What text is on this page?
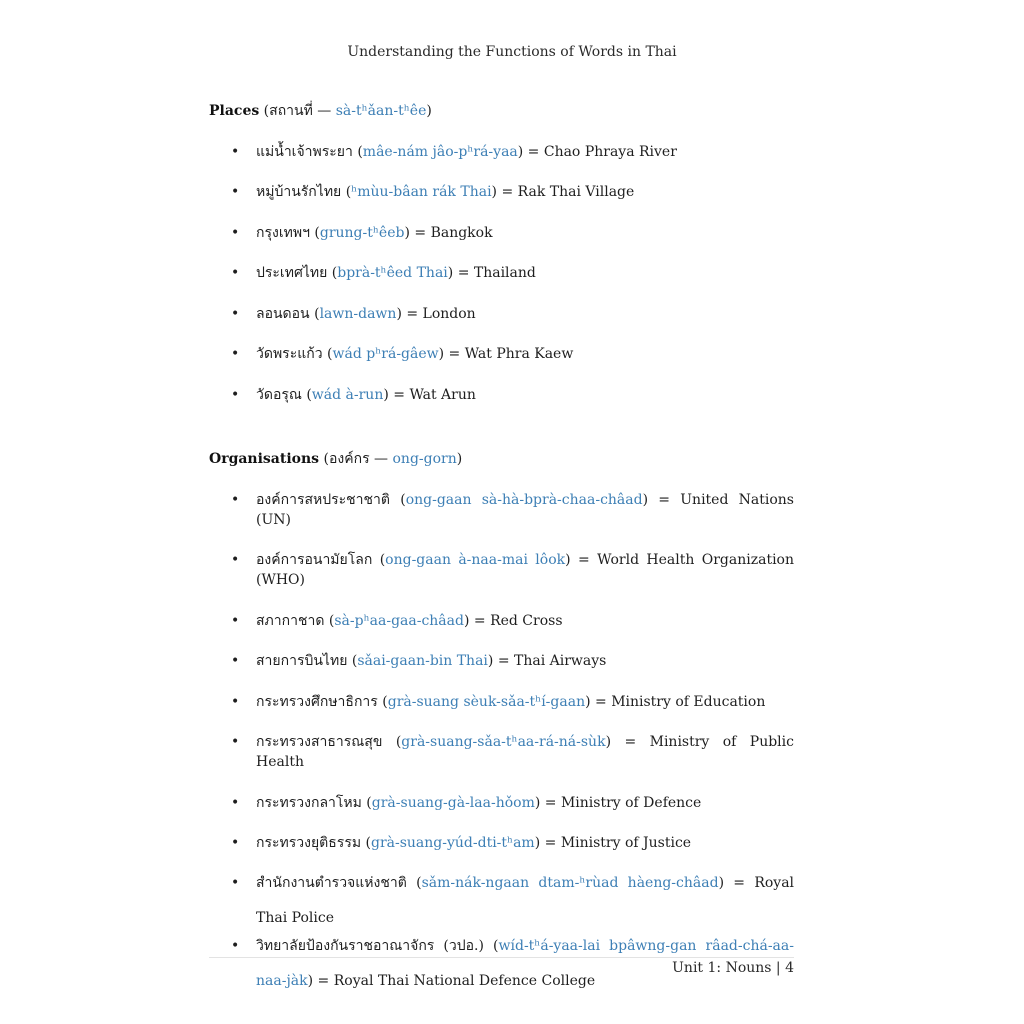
Understanding the Functions of Words in Thai

Places (สถานที่ — sà-tʰǎan-tʰêe)

• แม่น้ำเจ้าพระยา (mâe-nám jâo-pʰrá-yaa) = Chao Phraya River
• หมู่บ้านรักไทย (ʰmùu-bâan rák Thai) = Rak Thai Village
• กรุงเทพฯ (grung-tʰêeb) = Bangkok
• ประเทศไทย (bprà-tʰêed Thai) = Thailand
• ลอนดอน (lawn-dawn) = London
• วัดพระแก้ว (wád pʰrá-gâew) = Wat Phra Kaew
• วัดอรุณ (wád à-run) = Wat Arun

Organisations (องค์กร — ong-gorn)

• องค์การสหประชาชาติ (ong-gaan sà-hà-bprà-chaa-châad) = United Nations (UN)
• องค์การอนามัยโลก (ong-gaan à-naa-mai lôok) = World Health Organization (WHO)
• สภากาชาด (sà-pʰaa-gaa-châad) = Red Cross
• สายการบินไทย (sǎai-gaan-bin Thai) = Thai Airways
• กระทรวงศึกษาธิการ (grà-suang sèuk-sǎa-tʰí-gaan) = Ministry of Education
• กระทรวงสาธารณสุข (grà-suang-sǎa-tʰaa-rá-ná-sùk) = Ministry of Public Health
• กระทรวงกลาโหม (grà-suang-gà-laa-hǒom) = Ministry of Defence
• กระทรวงยุติธรรม (grà-suang-yúd-dti-tʰam) = Ministry of Justice
• สำนักงานตำรวจแห่งชาติ (sǎm-nák-ngaan dtam-ʰrùad hàeng-châad) = Royal Thai Police
• วิทยาลัยป้องกันราชอาณาจักร (วปอ.) (wíd-tʰá-yaa-lai bpâwng-gan râad-chá-aa-naa-jàk) = Royal Thai National Defence College
Unit 1: Nouns | 4
